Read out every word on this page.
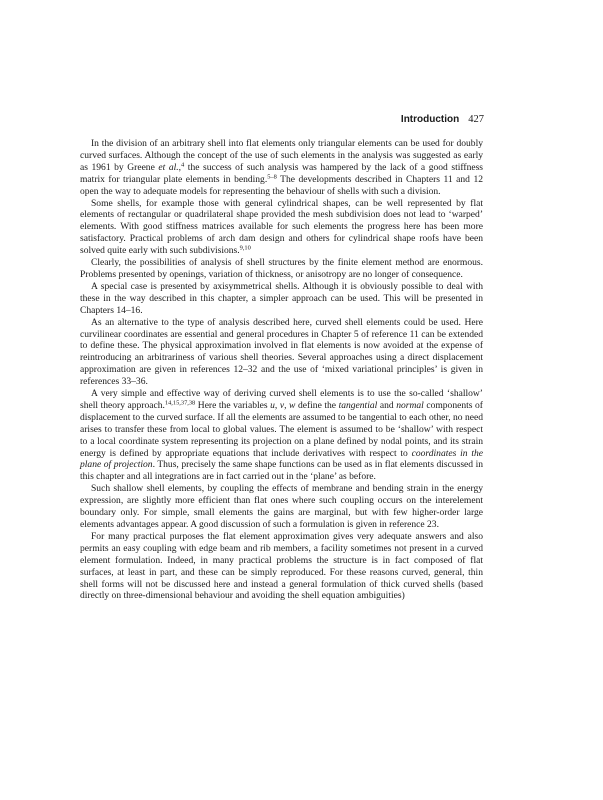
Introduction 427

In the division of an arbitrary shell into flat elements only triangular elements can be used for doubly curved surfaces. Although the concept of the use of such elements in the analysis was suggested as early as 1961 by Greene et al.,$^4$ the success of such analysis was hampered by the lack of a good stiffness matrix for triangular plate elements in bending.$^{5-8}$ The developments described in Chapters 11 and 12 open the way to adequate models for representing the behaviour of shells with such a division.

Some shells, for example those with general cylindrical shapes, can be well represented by flat elements of rectangular or quadrilateral shape provided the mesh subdivision does not lead to ‘warped’ elements. With good stiffness matrices available for such elements the progress here has been more satisfactory. Practical problems of arch dam design and others for cylindrical shape roofs have been solved quite early with such subdivisions.$^{9,10}$

Clearly, the possibilities of analysis of shell structures by the finite element method are enormous. Problems presented by openings, variation of thickness, or anisotropy are no longer of consequence.

A special case is presented by axisymmetrical shells. Although it is obviously possible to deal with these in the way described in this chapter, a simpler approach can be used. This will be presented in Chapters 14–16.

As an alternative to the type of analysis described here, curved shell elements could be used. Here curvilinear coordinates are essential and general procedures in Chapter 5 of reference 11 can be extended to define these. The physical approximation involved in flat elements is now avoided at the expense of reintroducing an arbitrariness of various shell theories. Several approaches using a direct displacement approximation are given in references 12–32 and the use of ‘mixed variational principles’ is given in references 33–36.

A very simple and effective way of deriving curved shell elements is to use the so-called ‘shallow’ shell theory approach.$^{14,15,37,38}$ Here the variables u, v, w define the tangential and normal components of displacement to the curved surface. If all the elements are assumed to be tangential to each other, no need arises to transfer these from local to global values. The element is assumed to be ‘shallow’ with respect to a local coordinate system representing its projection on a plane defined by nodal points, and its strain energy is defined by appropriate equations that include derivatives with respect to coordinates in the plane of projection. Thus, precisely the same shape functions can be used as in flat elements discussed in this chapter and all integrations are in fact carried out in the ‘plane’ as before.

Such shallow shell elements, by coupling the effects of membrane and bending strain in the energy expression, are slightly more efficient than flat ones where such coupling occurs on the interelement boundary only. For simple, small elements the gains are marginal, but with few higher-order large elements advantages appear. A good discussion of such a formulation is given in reference 23.

For many practical purposes the flat element approximation gives very adequate answers and also permits an easy coupling with edge beam and rib members, a facility sometimes not present in a curved element formulation. Indeed, in many practical problems the structure is in fact composed of flat surfaces, at least in part, and these can be simply reproduced. For these reasons curved, general, thin shell forms will not be discussed here and instead a general formulation of thick curved shells (based directly on three-dimensional behaviour and avoiding the shell equation ambiguities)
